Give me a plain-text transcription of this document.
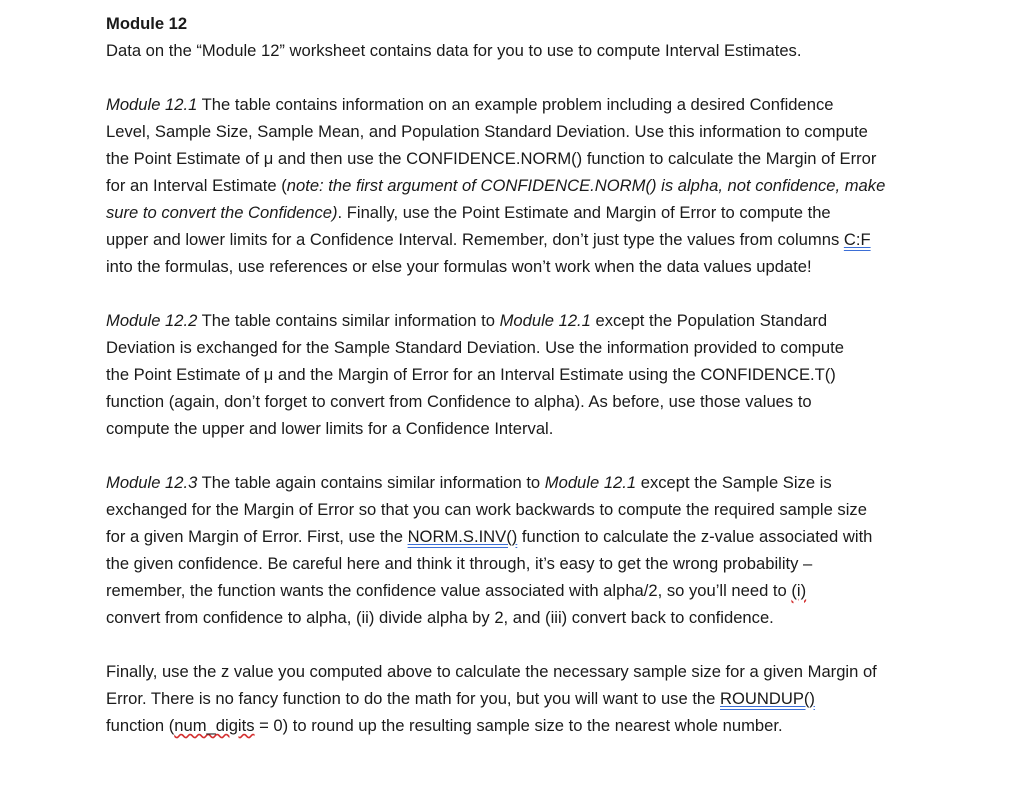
Module 12

Data on the “Module 12” worksheet contains data for you to use to compute Interval Estimates.

Module 12.1 The table contains information on an example problem including a desired Confidence

Level, Sample Size, Sample Mean, and Population Standard Deviation. Use this information to compute

the Point Estimate of μ and then use the CONFIDENCE.NORM() function to calculate the Margin of Error

for an Interval Estimate (note: the first argument of CONFIDENCE.NORM() is alpha, not confidence, make

sure to convert the Confidence). Finally, use the Point Estimate and Margin of Error to compute the

upper and lower limits for a Confidence Interval. Remember, don’t just type the values from columns C:F

into the formulas, use references or else your formulas won’t work when the data values update!

Module 12.2 The table contains similar information to Module 12.1 except the Population Standard

Deviation is exchanged for the Sample Standard Deviation. Use the information provided to compute

the Point Estimate of μ and the Margin of Error for an Interval Estimate using the CONFIDENCE.T()

function (again, don’t forget to convert from Confidence to alpha). As before, use those values to

compute the upper and lower limits for a Confidence Interval.

Module 12.3 The table again contains similar information to Module 12.1 except the Sample Size is

exchanged for the Margin of Error so that you can work backwards to compute the required sample size

for a given Margin of Error. First, use the NORM.S.INV() function to calculate the z-value associated with

the given confidence. Be careful here and think it through, it’s easy to get the wrong probability –

remember, the function wants the confidence value associated with alpha/2, so you’ll need to (i)

convert from confidence to alpha, (ii) divide alpha by 2, and (iii) convert back to confidence.

Finally, use the z value you computed above to calculate the necessary sample size for a given Margin of

Error. There is no fancy function to do the math for you, but you will want to use the ROUNDUP()

function (num_digits = 0) to round up the resulting sample size to the nearest whole number.
